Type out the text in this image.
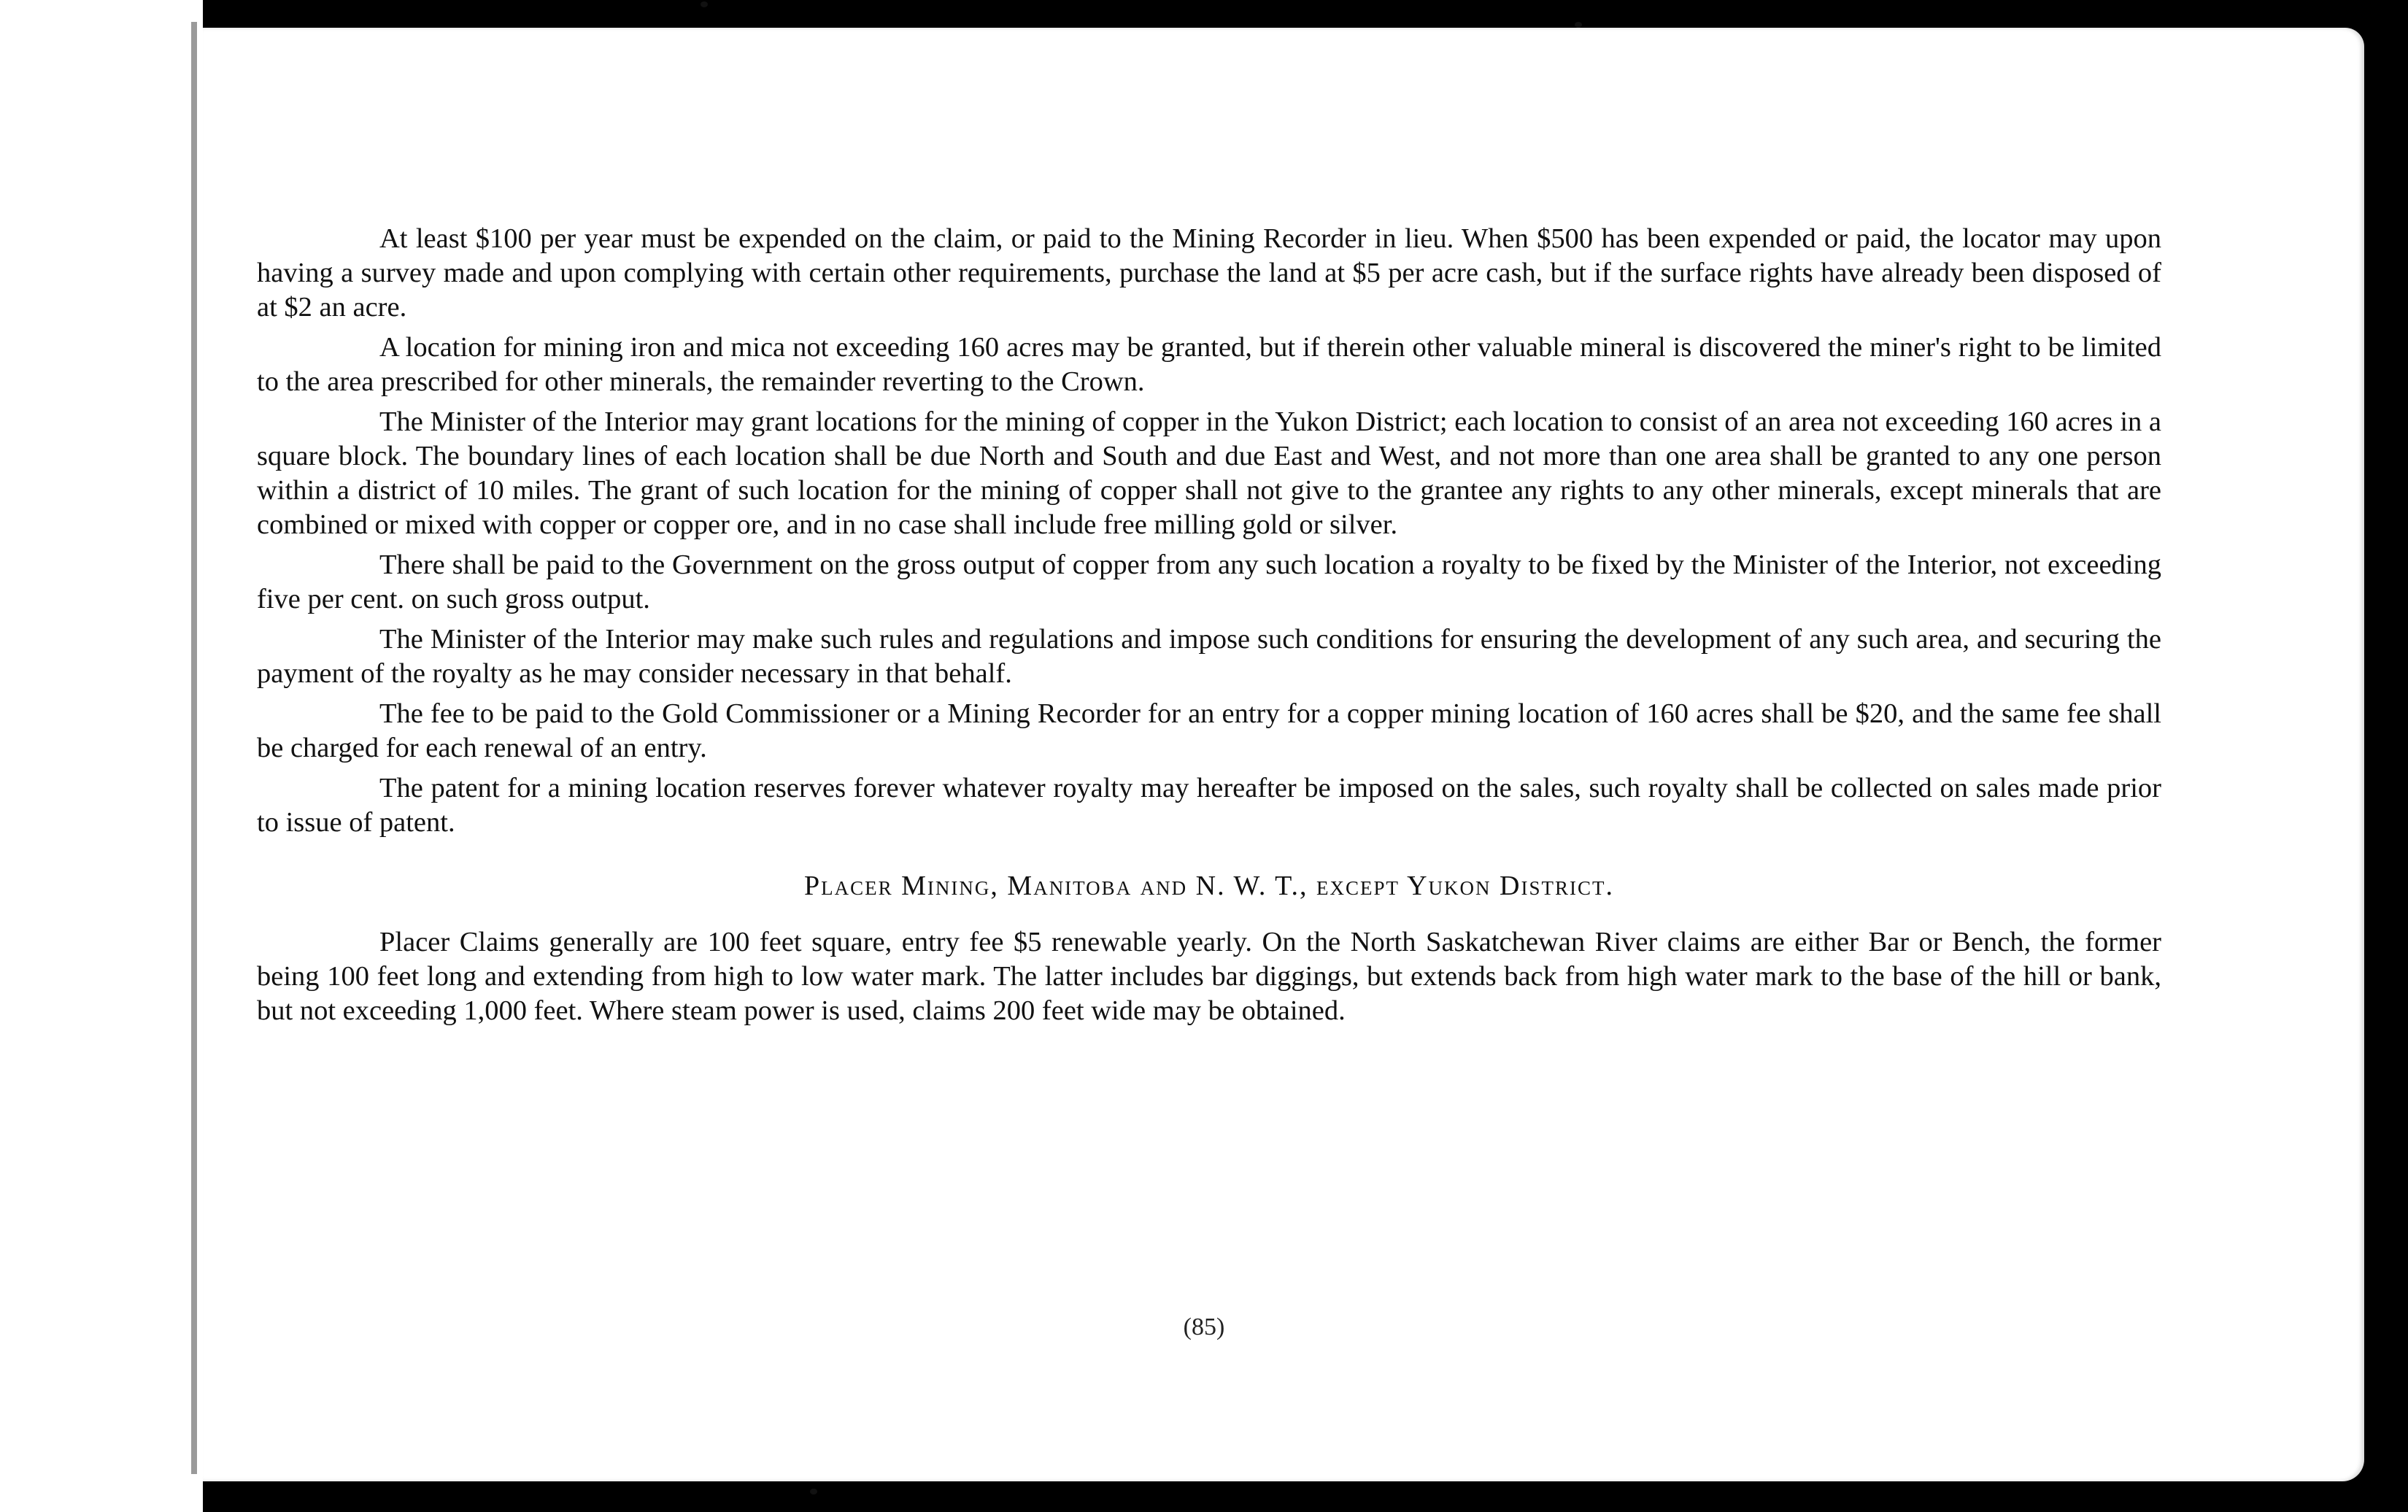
At least $100 per year must be expended on the claim, or paid to the Mining Recorder in lieu. When $500 has been expended or paid, the locator may upon having a survey made and upon complying with certain other requirements, purchase the land at $5 per acre cash, but if the surface rights have already been disposed of at $2 an acre.

A location for mining iron and mica not exceeding 160 acres may be granted, but if therein other valuable mineral is discovered the miner's right to be limited to the area prescribed for other minerals, the remainder reverting to the Crown.

The Minister of the Interior may grant locations for the mining of copper in the Yukon District; each location to consist of an area not exceeding 160 acres in a square block. The boundary lines of each location shall be due North and South and due East and West, and not more than one area shall be granted to any one person within a district of 10 miles. The grant of such location for the mining of copper shall not give to the grantee any rights to any other minerals, except minerals that are combined or mixed with copper or copper ore, and in no case shall include free milling gold or silver.

There shall be paid to the Government on the gross output of copper from any such location a royalty to be fixed by the Minister of the Interior, not exceeding five per cent. on such gross output.

The Minister of the Interior may make such rules and regulations and impose such conditions for ensuring the development of any such area, and securing the payment of the royalty as he may consider necessary in that behalf.

The fee to be paid to the Gold Commissioner or a Mining Recorder for an entry for a copper mining location of 160 acres shall be $20, and the same fee shall be charged for each renewal of an entry.

The patent for a mining location reserves forever whatever royalty may hereafter be imposed on the sales, such royalty shall be collected on sales made prior to issue of patent.

Placer Mining, Manitoba and N. W. T., except Yukon District.

Placer Claims generally are 100 feet square, entry fee $5 renewable yearly. On the North Saskatchewan River claims are either Bar or Bench, the former being 100 feet long and extending from high to low water mark. The latter includes bar diggings, but extends back from high water mark to the base of the hill or bank, but not exceeding 1,000 feet. Where steam power is used, claims 200 feet wide may be obtained.

(85)
